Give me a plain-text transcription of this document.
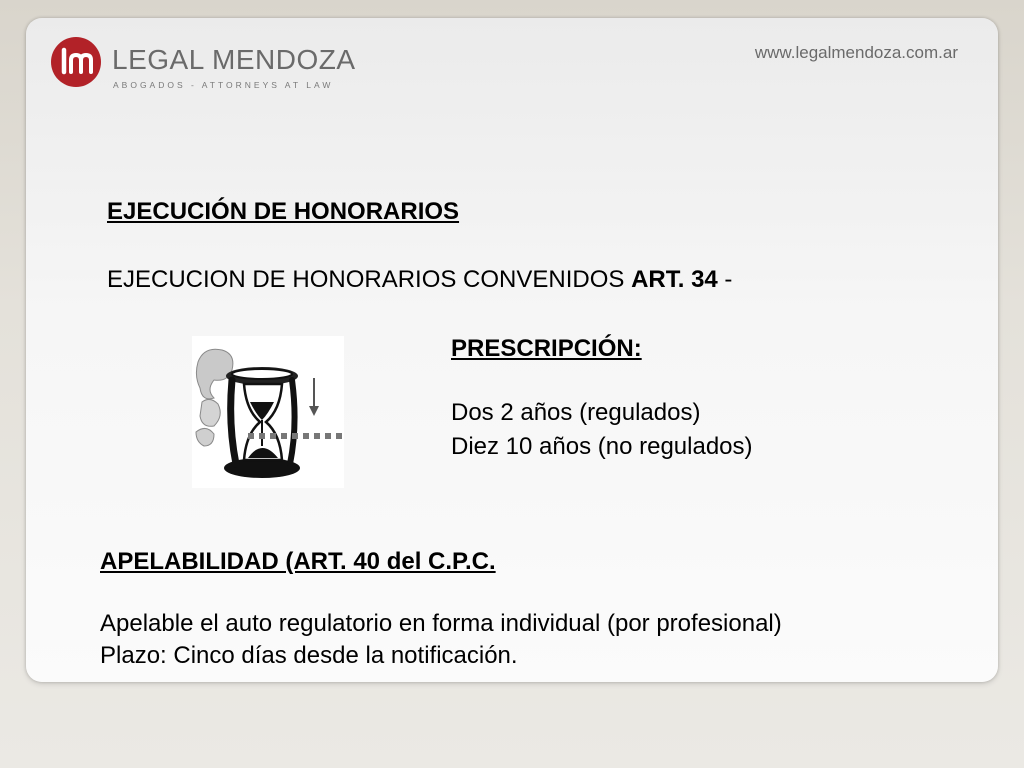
LEGAL MENDOZA
ABOGADOS - ATTORNEYS AT LAW
www.legalmendoza.com.ar
EJECUCIÓN DE HONORARIOS
EJECUCION DE HONORARIOS CONVENIDOS ART. 34 -
PRESCRIPCIÓN:
Dos 2 años (regulados)
Diez 10 años (no regulados)
APELABILIDAD (ART. 40 del C.P.C.
Apelable el auto regulatorio en forma individual (por profesional)
Plazo: Cinco días desde la notificación.
